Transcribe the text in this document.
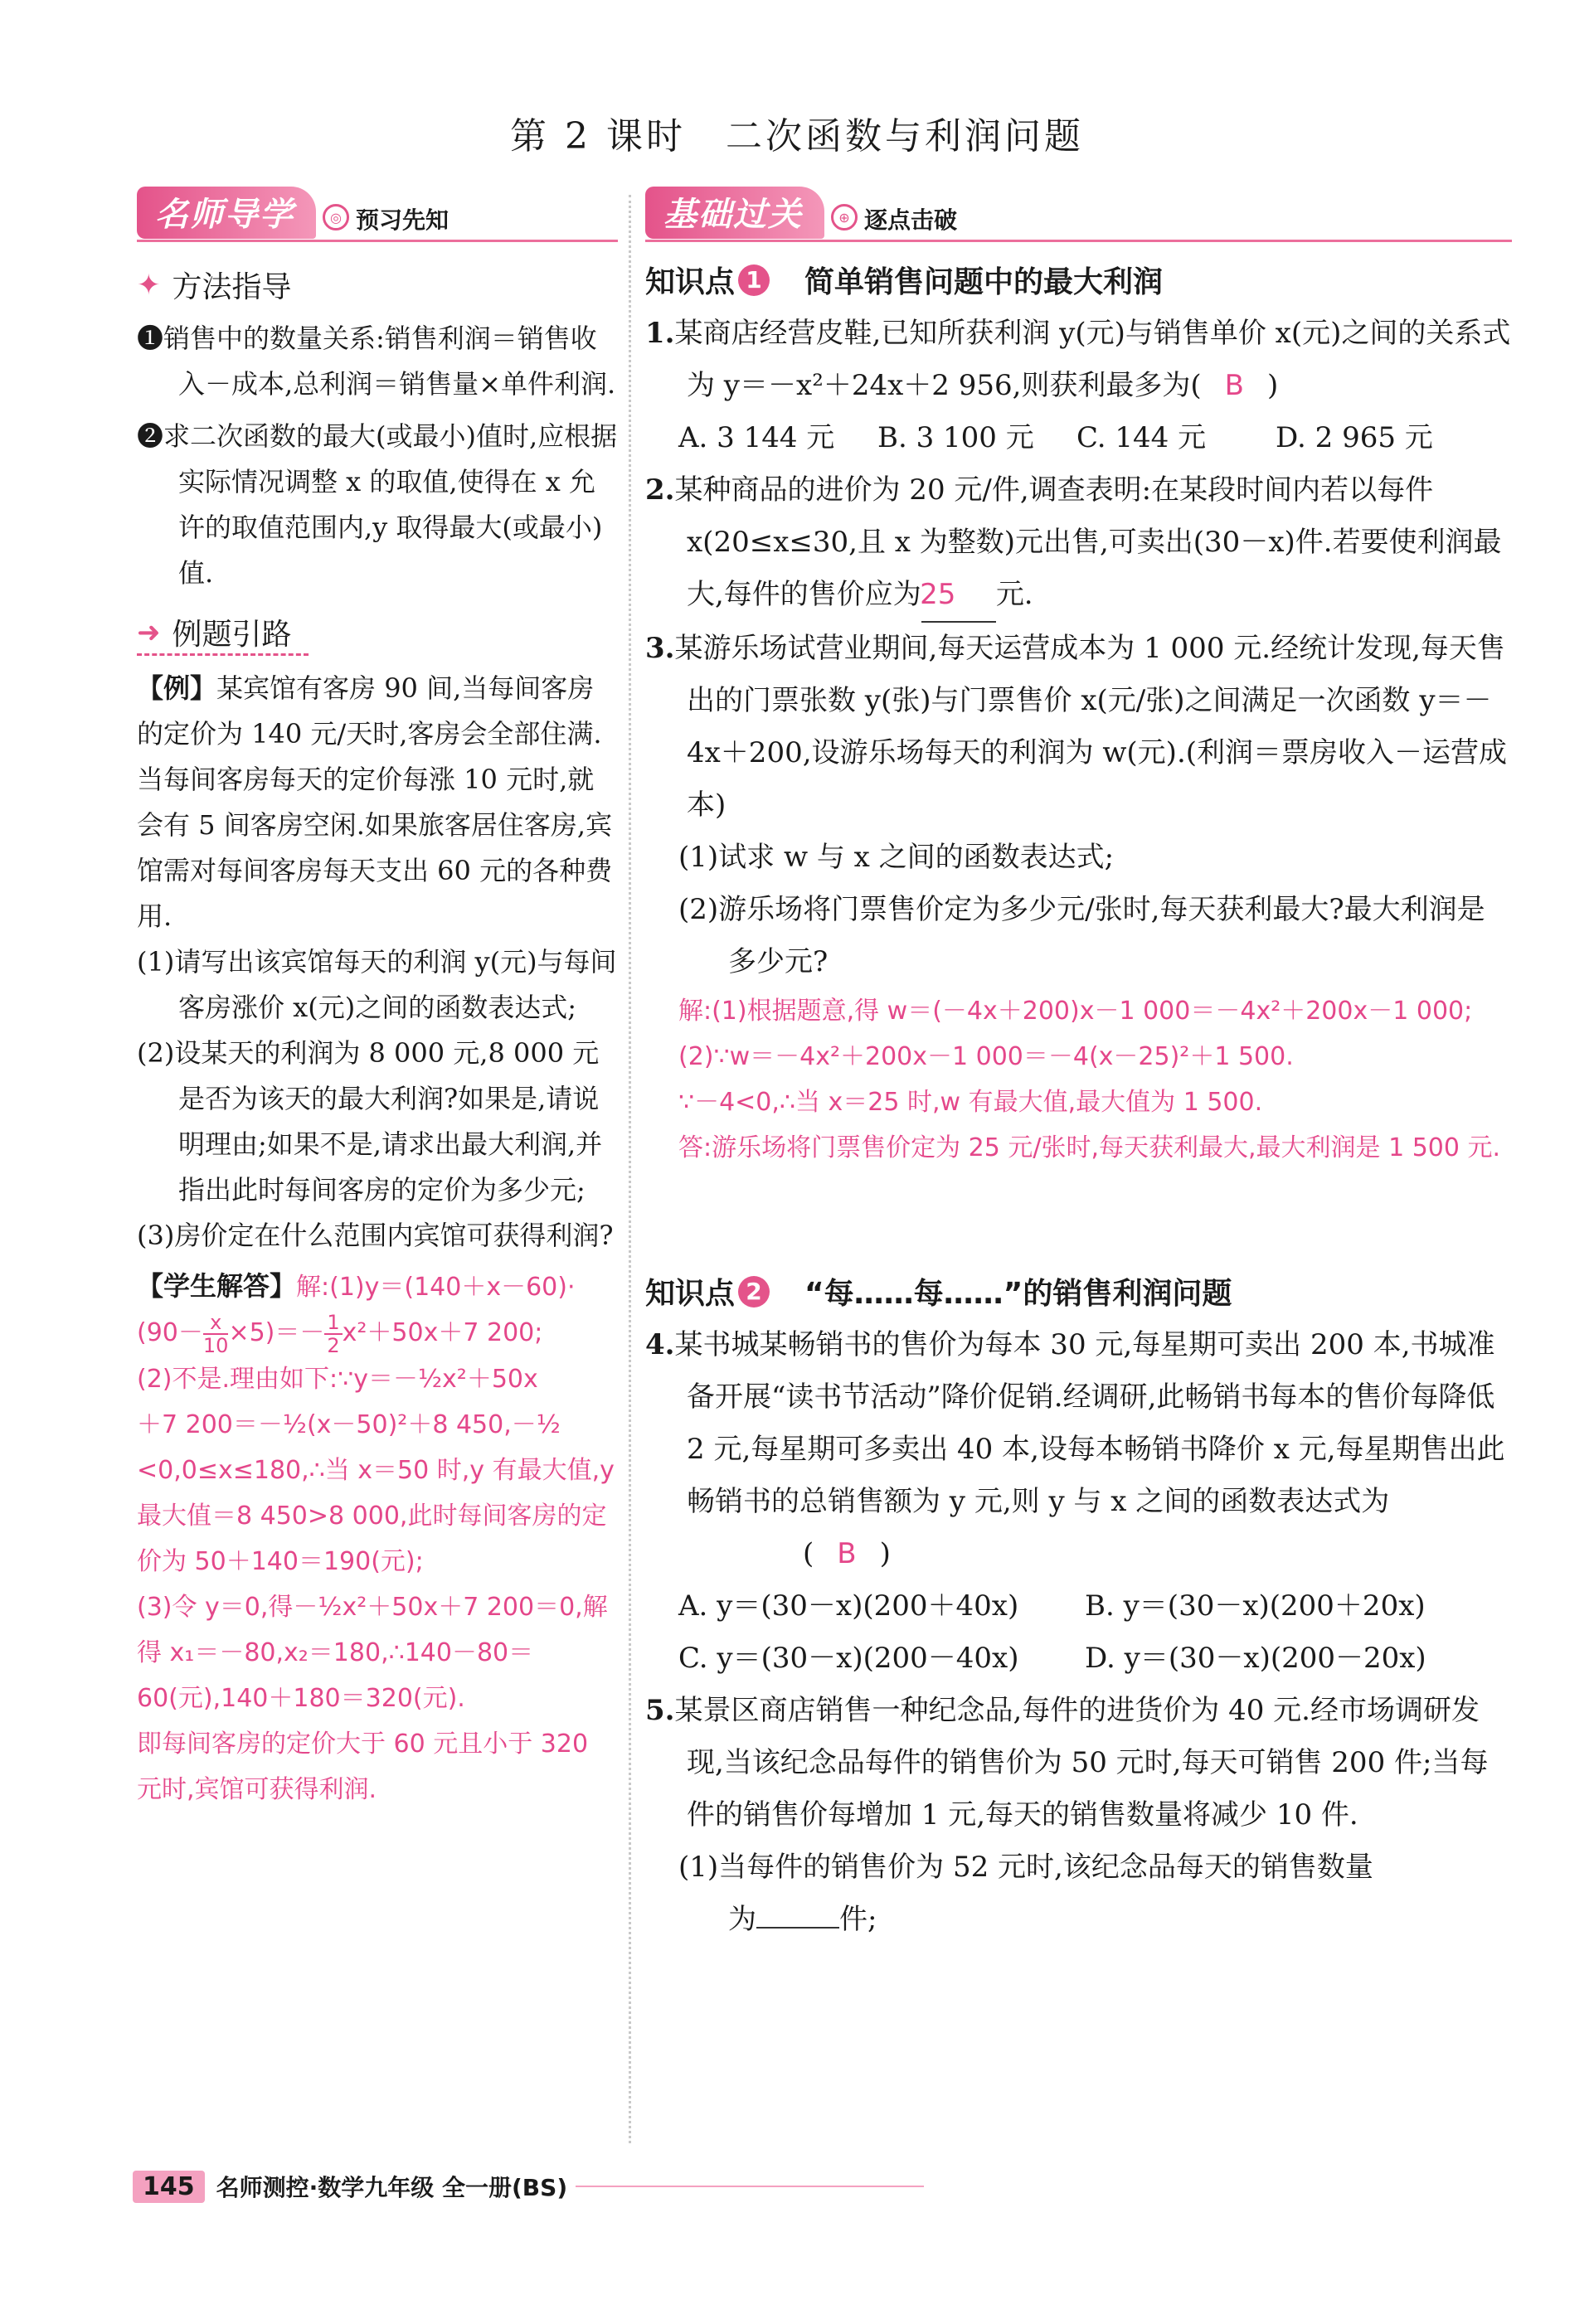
第 2 课时　二次函数与利润问题
名师导学	◎ 预习先知
✦ 方法指导

❶销售中的数量关系:销售利润＝销售收入－成本,总利润＝销售量×单件利润.

❷求二次函数的最大(或最小)值时,应根据实际情况调整 x 的取值,使得在 x 允许的取值范围内,y 取得最大(或最小)值.

➜ 例题引路

【例】某宾馆有客房 90 间,当每间客房的定价为 140 元/天时,客房会全部住满.当每间客房每天的定价每涨 10 元时,就会有 5 间客房空闲.如果旅客居住客房,宾馆需对每间客房每天支出 60 元的各种费用.

(1)请写出该宾馆每天的利润 y(元)与每间客房涨价 x(元)之间的函数表达式;

(2)设某天的利润为 8 000 元,8 000 元是否为该天的最大利润?如果是,请说明理由;如果不是,请求出最大利润,并指出此时每间客房的定价为多少元;

(3)房价定在什么范围内宾馆可获得利润?

【学生解答】解:(1)y＝(140＋x－60)·

$(90- \frac{x}{10} \times 5)=- \frac{1}{2} x^2+50x+7$ 200;

(2)不是.理由如下:∵y＝－½x²＋50x

＋7 200＝－½(x－50)²＋8 450,－½

<0,0≤x≤180,∴当 x＝50 时,y 有最大值,y最大值＝8 450>8 000,此时每间客房的定价为 50＋140＝190(元);

(3)令 y＝0,得－½x²＋50x＋7 200＝0,解得 x₁＝－80,x₂＝180,∴140－80＝60(元),140＋180＝320(元).

即每间客房的定价大于 60 元且小于 320 元时,宾馆可获得利润.

基础过关	⊕ 逐点击破
知识点 1 简单销售问题中的最大利润

1.某商店经营皮鞋,已知所获利润 y(元)与销售单价 x(元)之间的关系式为 y＝－x²＋24x＋2 956,则获利最多为( B )

A. 3 144 元	B. 3 100 元	C. 144 元	D. 2 965 元

2.某种商品的进价为 20 元/件,调查表明:在某段时间内若以每件x(20≤x≤30,且 x 为整数)元出售,可卖出(30－x)件.若要使利润最大,每件的售价应为25 元.

3.某游乐场试营业期间,每天运营成本为 1 000 元.经统计发现,每天售出的门票张数 y(张)与门票售价 x(元/张)之间满足一次函数 y＝－4x＋200,设游乐场每天的利润为 w(元).(利润＝票房收入－运营成本)

(1)试求 w 与 x 之间的函数表达式;

(2)游乐场将门票售价定为多少元/张时,每天获利最大?最大利润是多少元?

解:(1)根据题意,得 w＝(－4x＋200)x－1 000＝－4x²＋200x－1 000;

(2)∵w＝－4x²＋200x－1 000＝－4(x－25)²＋1 500.

∵－4<0,∴当 x＝25 时,w 有最大值,最大值为 1 500.

答:游乐场将门票售价定为 25 元/张时,每天获利最大,最大利润是 1 500 元.

知识点 2 “每……每……”的销售利润问题

4.某书城某畅销书的售价为每本 30 元,每星期可卖出 200 本,书城准备开展“读书节活动”降价促销.经调研,此畅销书每本的售价每降低 2 元,每星期可多卖出 40 本,设每本畅销书降价 x 元,每星期售出此畅销书的总销售额为 y 元,则 y 与 x 之间的函数表达式为( B )

A. y＝(30－x)(200＋40x)	B. y＝(30－x)(200＋20x)
C. y＝(30－x)(200－40x)	D. y＝(30－x)(200－20x)

5.某景区商店销售一种纪念品,每件的进货价为 40 元.经市场调研发现,当该纪念品每件的销售价为 50 元时,每天可销售 200 件;当每件的销售价每增加 1 元,每天的销售数量将减少 10 件.

(1)当每件的销售价为 52 元时,该纪念品每天的销售数量

为	件;

145 名师测控·数学九年级 全一册(BS)
